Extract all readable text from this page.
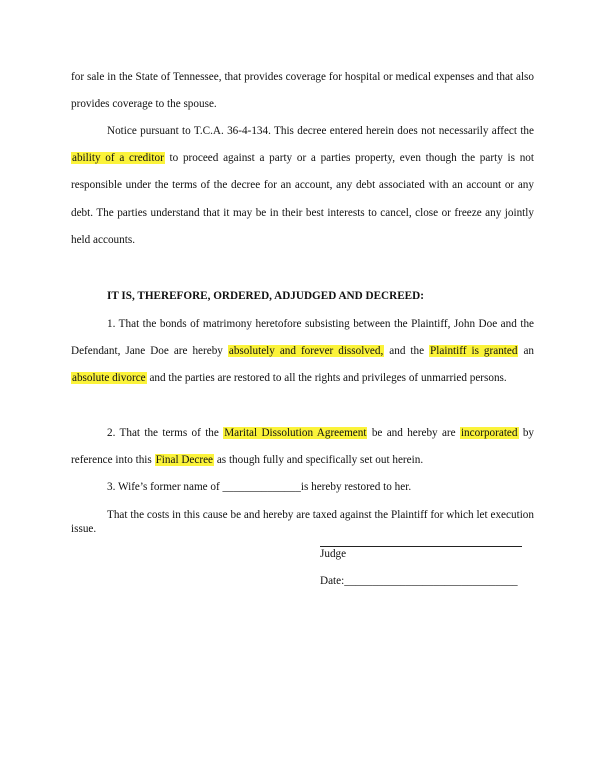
for sale in the State of Tennessee, that provides coverage for hospital or medical expenses and that also provides coverage to the spouse.

Notice pursuant to T.C.A. 36-4-134. This decree entered herein does not necessarily affect the ability of a creditor to proceed against a party or a parties property, even though the party is not responsible under the terms of the decree for an account, any debt associated with an account or any debt. The parties understand that it may be in their best interests to cancel, close or freeze any jointly held accounts.

IT IS, THEREFORE, ORDERED, ADJUDGED AND DECREED:

1. That the bonds of matrimony heretofore subsisting between the Plaintiff, John Doe and the Defendant, Jane Doe are hereby absolutely and forever dissolved, and the Plaintiff is granted an absolute divorce and the parties are restored to all the rights and privileges of unmarried persons.

2. That the terms of the Marital Dissolution Agreement be and hereby are incorporated by reference into this Final Decree as though fully and specifically set out herein.

3. Wife’s former name of ______________is hereby restored to her.

That the costs in this cause be and hereby are taxed against the Plaintiff for which let execution issue.

Judge
Date:_______________________________
